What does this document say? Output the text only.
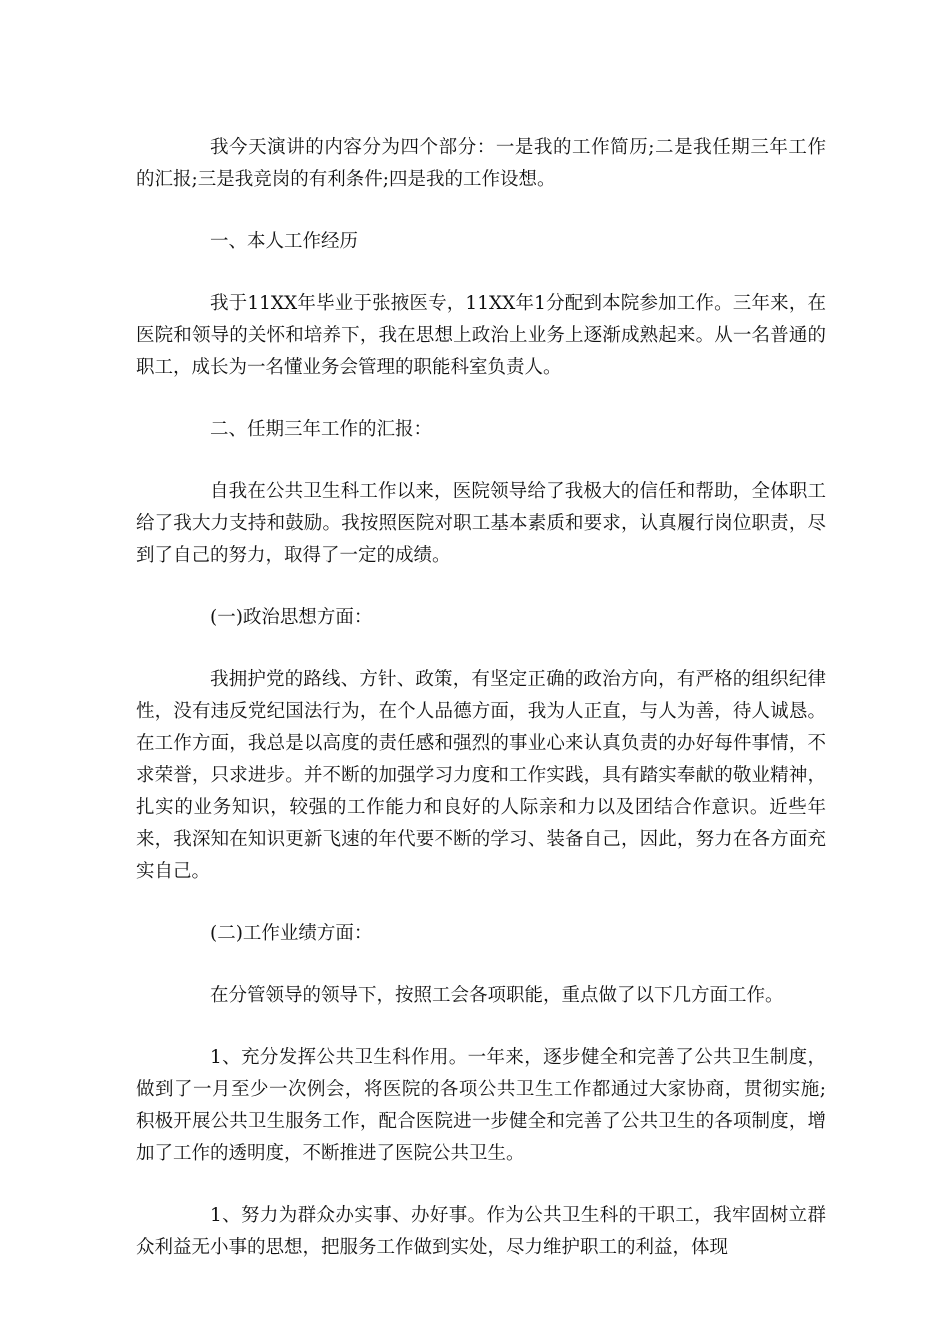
我今天演讲的内容分为四个部分：一是我的工作简历;二是我任期三年工作的汇报;三是我竞岗的有利条件;四是我的工作设想。

一、本人工作经历

我于11XX年毕业于张掖医专，11XX年1分配到本院参加工作。三年来，在医院和领导的关怀和培养下，我在思想上政治上业务上逐渐成熟起来。从一名普通的职工，成长为一名懂业务会管理的职能科室负责人。

二、任期三年工作的汇报：

自我在公共卫生科工作以来，医院领导给了我极大的信任和帮助，全体职工给了我大力支持和鼓励。我按照医院对职工基本素质和要求，认真履行岗位职责，尽到了自己的努力，取得了一定的成绩。

(一)政治思想方面：

我拥护党的路线、方针、政策，有坚定正确的政治方向，有严格的组织纪律性，没有违反党纪国法行为，在个人品德方面，我为人正直，与人为善，待人诚恳。在工作方面，我总是以高度的责任感和强烈的事业心来认真负责的办好每件事情，不求荣誉，只求进步。并不断的加强学习力度和工作实践，具有踏实奉献的敬业精神，扎实的业务知识，较强的工作能力和良好的人际亲和力以及团结合作意识。近些年来，我深知在知识更新飞速的年代要不断的学习、装备自己，因此，努力在各方面充实自己。

(二)工作业绩方面：

在分管领导的领导下，按照工会各项职能，重点做了以下几方面工作。

1、充分发挥公共卫生科作用。一年来，逐步健全和完善了公共卫生制度，做到了一月至少一次例会，将医院的各项公共卫生工作都通过大家协商，贯彻实施;积极开展公共卫生服务工作，配合医院进一步健全和完善了公共卫生的各项制度，增加了工作的透明度，不断推进了医院公共卫生。

1、努力为群众办实事、办好事。作为公共卫生科的干职工，我牢固树立群众利益无小事的思想，把服务工作做到实处，尽力维护职工的利益，体现
